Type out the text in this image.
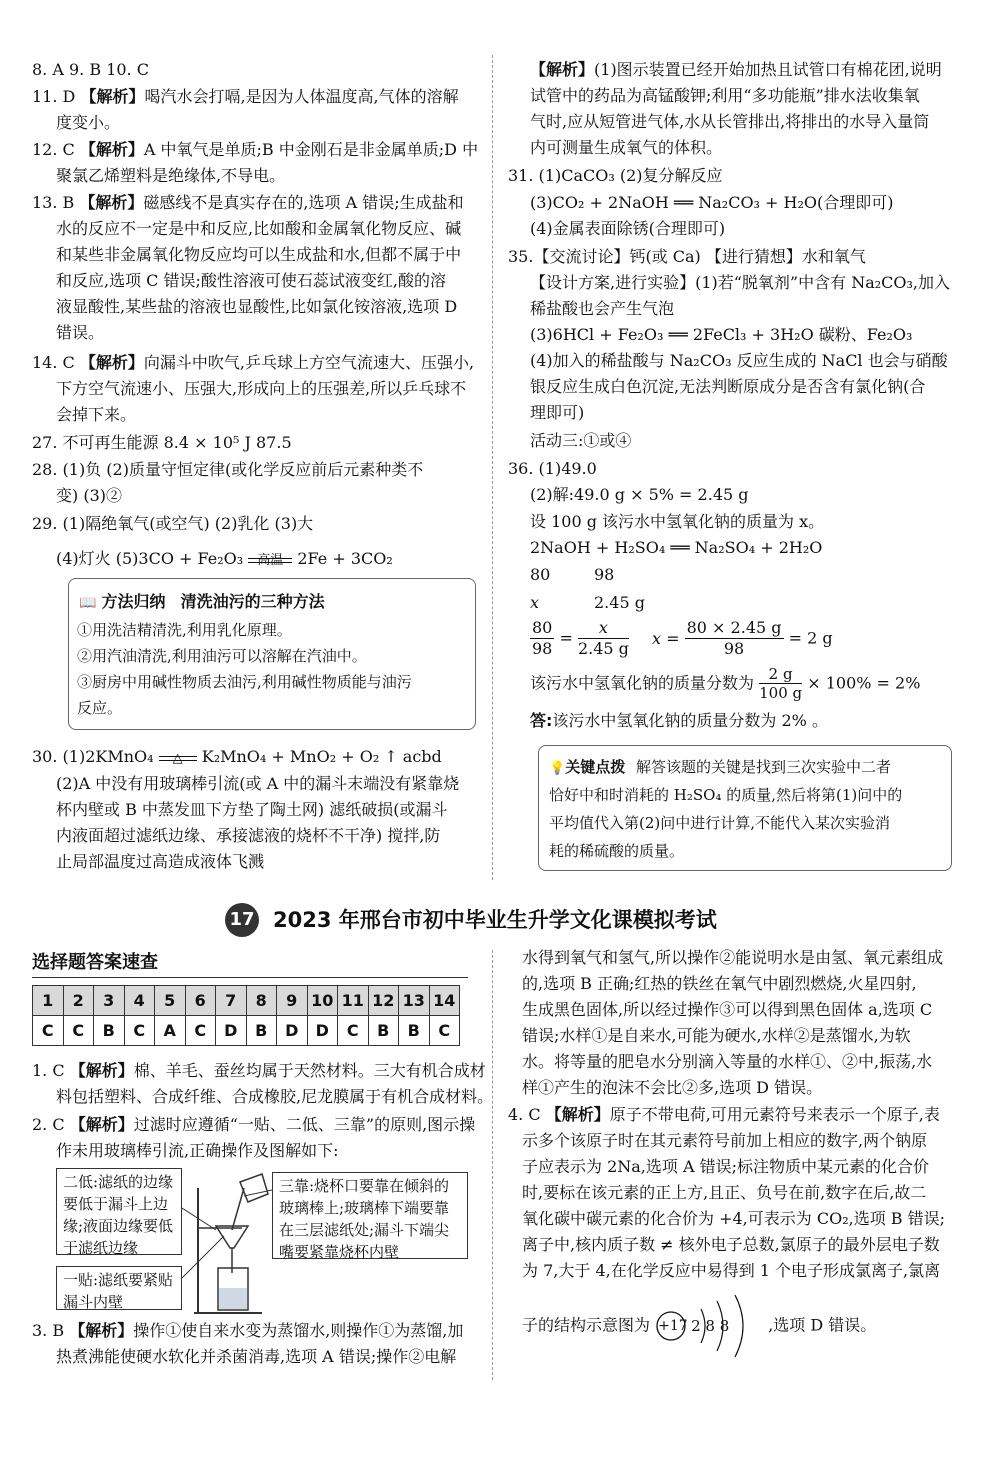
8. A 9. B 10. C
11. D 【解析】喝汽水会打嗝,是因为人体温度高,气体的溶解
度变小。
12. C 【解析】A 中氧气是单质;B 中金刚石是非金属单质;D 中
聚氯乙烯塑料是绝缘体,不导电。
13. B 【解析】磁感线不是真实存在的,选项 A 错误;生成盐和
水的反应不一定是中和反应,比如酸和金属氧化物反应、碱
和某些非金属氧化物反应均可以生成盐和水,但都不属于中
和反应,选项 C 错误;酸性溶液可使石蕊试液变红,酸的溶
液显酸性,某些盐的溶液也显酸性,比如氯化铵溶液,选项 D
错误。
14. C 【解析】向漏斗中吹气,乒乓球上方空气流速大、压强小,
下方空气流速小、压强大,形成向上的压强差,所以乒乓球不
会掉下来。
27. 不可再生能源 8.4 × 10⁵ J 87.5
28. (1)负 (2)质量守恒定律(或化学反应前后元素种类不
变) (3)②
29. (1)隔绝氧气(或空气) (2)乳化 (3)大
(4)灯火 (5)3CO + Fe₂O₃	高温 2Fe + 3CO₂
📖 方法归纳 清洗油污的三种方法
①用洗洁精清洗,利用乳化原理。
②用汽油清洗,利用油污可以溶解在汽油中。
③厨房中用碱性物质去油污,利用碱性物质能与油污
反应。
30. (1)2KMnO₄	△	K₂MnO₄ + MnO₂ + O₂ ↑ acbd
(2)A 中没有用玻璃棒引流(或 A 中的漏斗末端没有紧靠烧
杯内壁或 B 中蒸发皿下方垫了陶土网) 滤纸破损(或漏斗
内液面超过滤纸边缘、承接滤液的烧杯不干净) 搅拌,防
止局部温度过高造成液体飞溅
【解析】(1)图示装置已经开始加热且试管口有棉花团,说明
试管中的药品为高锰酸钾;利用“多功能瓶”排水法收集氧
气时,应从短管进气体,水从长管排出,将排出的水导入量筒
内可测量生成氧气的体积。
31. (1)CaCO₃ (2)复分解反应
(3)CO₂ + 2NaOH ══ Na₂CO₃ + H₂O(合理即可)
(4)金属表面除锈(合理即可)
35.【交流讨论】钙(或 Ca) 【进行猜想】水和氧气
【设计方案,进行实验】(1)若“脱氧剂”中含有 Na₂CO₃,加入
稀盐酸也会产生气泡
(3)6HCl + Fe₂O₃ ══ 2FeCl₃ + 3H₂O 碳粉、Fe₂O₃
(4)加入的稀盐酸与 Na₂CO₃ 反应生成的 NaCl 也会与硝酸
银反应生成白色沉淀,无法判断原成分是否含有氯化钠(合
理即可)
活动三:①或④
36. (1)49.0
(2)解:49.0 g × 5% = 2.45 g
设 100 g 该污水中氢氧化钠的质量为 x。
2NaOH + H₂SO₄ ══ Na₂SO₄ + 2H₂O
80	98
x	2.45 g
$\frac{80}{98} = \frac{x}{2.45 g}$ $x = \frac{80 \times 2.45 g}{98} = 2$ g
该污水中氢氧化钠的质量分数为 $\frac{2 g}{100 g} \times 100\% = 2\%$
答:该污水中氢氧化钠的质量分数为 2% 。
💡关键点拨 解答该题的关键是找到三次实验中二者
恰好中和时消耗的 H₂SO₄ 的质量,然后将第(1)问中的
平均值代入第(2)问中进行计算,不能代入某次实验消
耗的稀硫酸的质量。
17 2023 年邢台市初中毕业生升学文化课模拟考试
选择题答案速查
1	2	3	4	5	6	7	8	9	10	11	12	13	14
C	C	B	C	A	C	D	B	D	D	C	B	B	C
1. C 【解析】棉、羊毛、蚕丝均属于天然材料。三大有机合成材
料包括塑料、合成纤维、合成橡胶,尼龙膜属于有机合成材料。
2. C 【解析】过滤时应遵循“一贴、二低、三靠”的原则,图示操
作未用玻璃棒引流,正确操作及图解如下:
二低:滤纸的边缘要低于漏斗上边缘;液面边缘要低于滤纸边缘
三靠:烧杯口要靠在倾斜的玻璃棒上;玻璃棒下端要靠在三层滤纸处;漏斗下端尖嘴要紧靠烧杯内壁
一贴:滤纸要紧贴漏斗内壁
3. B 【解析】操作①使自来水变为蒸馏水,则操作①为蒸馏,加
热煮沸能使硬水软化并杀菌消毒,选项 A 错误;操作②电解
水得到氧气和氢气,所以操作②能说明水是由氢、氧元素组成
的,选项 B 正确;红热的铁丝在氧气中剧烈燃烧,火星四射,
生成黑色固体,所以经过操作③可以得到黑色固体 a,选项 C
错误;水样①是自来水,可能为硬水,水样②是蒸馏水,为软
水。将等量的肥皂水分别滴入等量的水样①、②中,振荡,水
样①产生的泡沫不会比②多,选项 D 错误。
4. C 【解析】原子不带电荷,可用元素符号来表示一个原子,表
示多个该原子时在其元素符号前加上相应的数字,两个钠原
子应表示为 2Na,选项 A 错误;标注物质中某元素的化合价
时,要标在该元素的正上方,且正、负号在前,数字在后,故二
氧化碳中碳元素的化合价为 +4,可表示为 CO₂,选项 B 错误;
离子中,核内质子数 ≠ 核外电子总数,氯原子的最外层电子数
为 7,大于 4,在化学反应中易得到 1 个电子形成氯离子,氯离
子的结构示意图为 +17 2 8 8 ,选项 D 错误。
